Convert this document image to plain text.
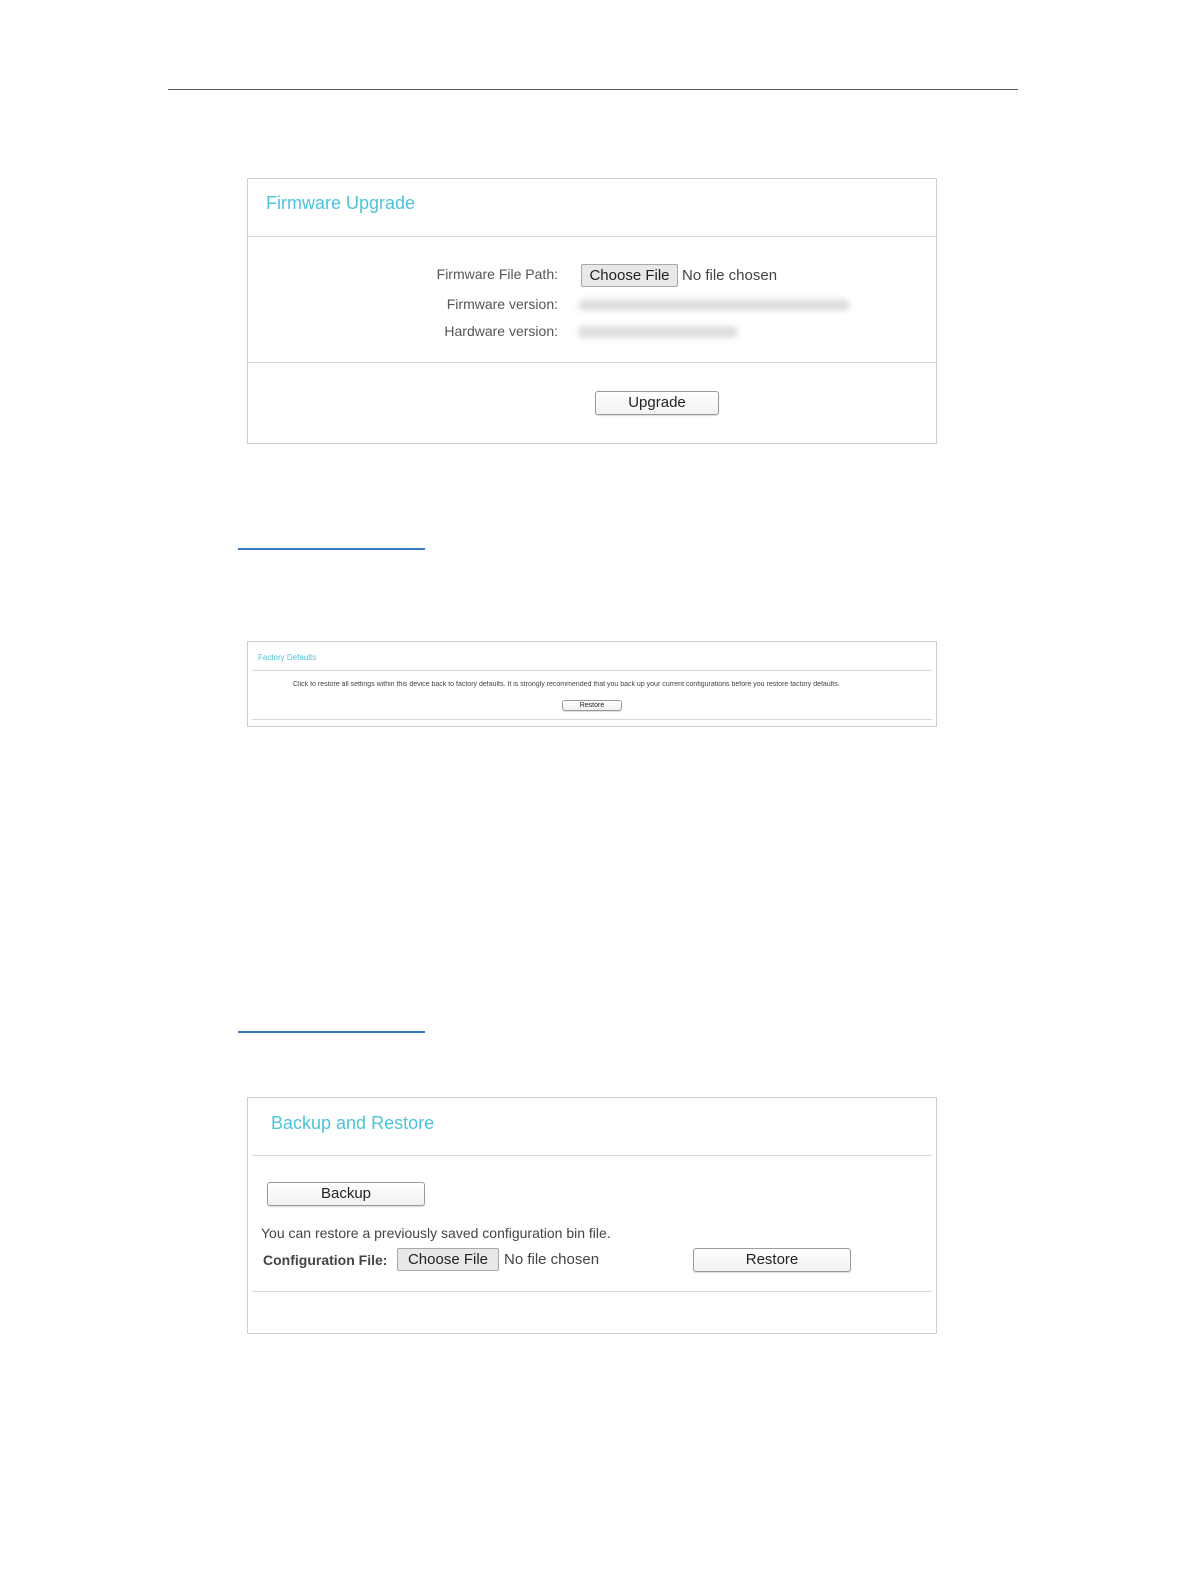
Firmware Upgrade
Firmware File Path:	Choose File No file chosen
Firmware version:
Hardware version:
Upgrade
Factory Defaults
Click to restore all settings within this device back to factory defaults. It is strongly recommended that you back up your current configurations before you restore factory defaults.
Restore
Backup and Restore
Backup
You can restore a previously saved configuration bin file.
Configuration File:	Choose File	No file chosen	Restore
